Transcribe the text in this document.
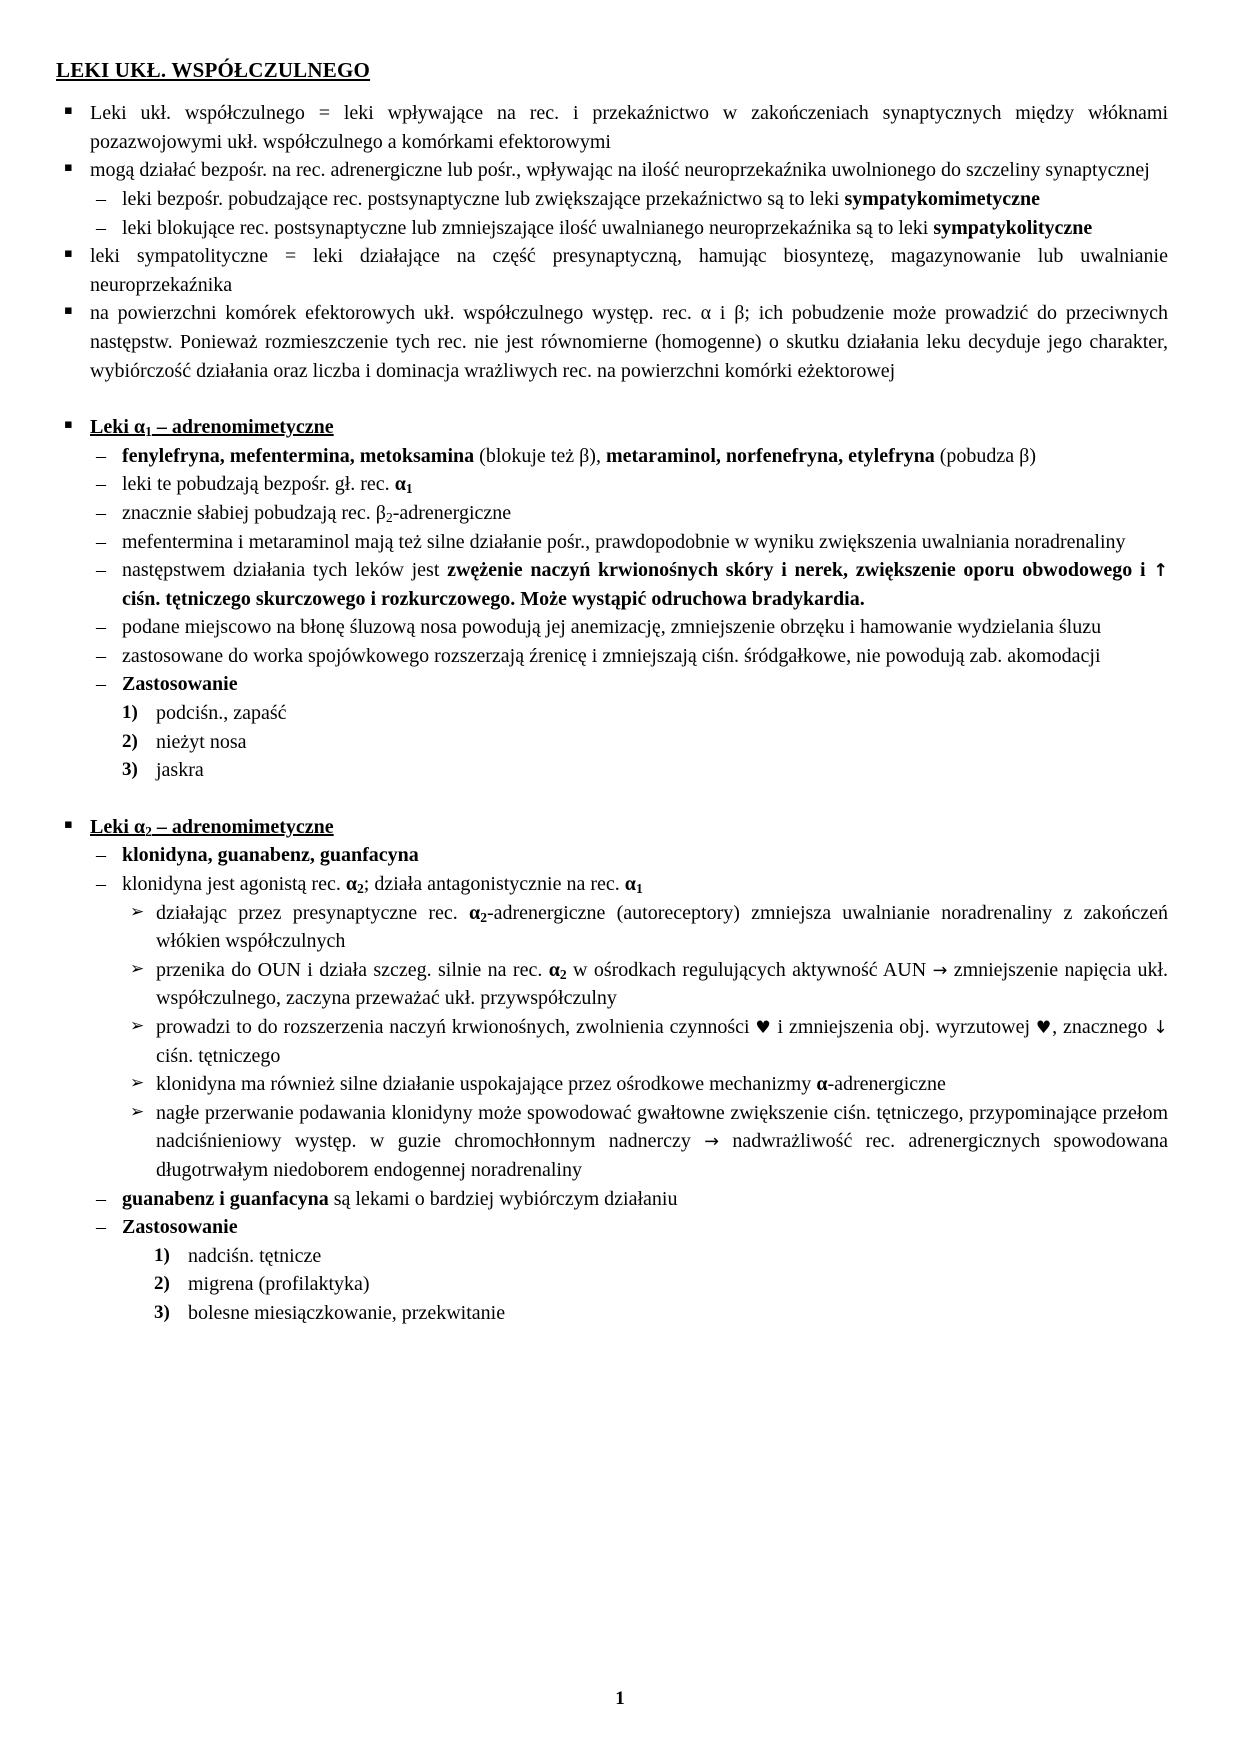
LEKI UKŁ. WSPÓŁCZULNEGO
▪ Leki ukł. współczulnego = leki wpływające na rec. i przekaźnictwo w zakończeniach synaptycznych między włóknami pozazwojowymi ukł. współczulnego a komórkami efektorowymi
▪ mogą działać bezpośr. na rec. adrenergiczne lub pośr., wpływając na ilość neuroprzekaźnika uwolnionego do szczeliny synaptycznej
– leki bezpośr. pobudzające rec. postsynaptyczne lub zwiększające przekaźnictwo są to leki sympatykomimetyczne
– leki blokujące rec. postsynaptyczne lub zmniejszające ilość uwalnianego neuroprzekaźnika są to leki sympatykolityczne
▪ leki sympatolityczne = leki działające na część presynaptyczną, hamując biosyntezę, magazynowanie lub uwalnianie neuroprzekaźnika
▪ na powierzchni komórek efektorowych ukł. współczulnego występ. rec. α i β; ich pobudzenie może prowadzić do przeciwnych następstw. Ponieważ rozmieszczenie tych rec. nie jest równomierne (homogenne) o skutku działania leku decyduje jego charakter, wybiórczość działania oraz liczba i dominacja wrażliwych rec. na powierzchni komórki eżektorowej
▪ Leki $\alpha_1$ – adrenomimetyczne
– fenylefryna, mefentermina, metoksamina (blokuje też β), metaraminol, norfenefryna, etylefryna (pobudza β)
– leki te pobudzają bezpośr. gł. rec. $\alpha_1$
– znacznie słabiej pobudzają rec. $\beta_2$-adrenergiczne
– mefentermina i metaraminol mają też silne działanie pośr., prawdopodobnie w wyniku zwiększenia uwalniania noradrenaliny
– następstwem działania tych leków jest zwężenie naczyń krwionośnych skóry i nerek, zwiększenie oporu obwodowego i ↑ ciśn. tętniczego skurczowego i rozkurczowego. Może wystąpić odruchowa bradykardia.
– podane miejscowo na błonę śluzową nosa powodują jej anemizację, zmniejszenie obrzęku i hamowanie wydzielania śluzu
– zastosowane do worka spojówkowego rozszerzają źrenicę i zmniejszają ciśn. śródgałkowe, nie powodują zab. akomodacji
– Zastosowanie
1) podciśn., zapaść
2) nieżyt nosa
3) jaskra
▪ Leki $\alpha_2$ – adrenomimetyczne
– klonidyna, guanabenz, guanfacyna
– klonidyna jest agonistą rec. $\alpha_2$; działa antagonistycznie na rec. $\alpha_1$
➢ działając przez presynaptyczne rec. $\alpha_2$-adrenergiczne (autoreceptory) zmniejsza uwalnianie noradrenaliny z zakończeń włókien współczulnych
➢ przenika do OUN i działa szczeg. silnie na rec. $\alpha_2$ w ośrodkach regulujących aktywność AUN → zmniejszenie napięcia ukł. współczulnego, zaczyna przeważać ukł. przywspółczulny
➢ prowadzi to do rozszerzenia naczyń krwionośnych, zwolnienia czynności ♥ i zmniejszenia obj. wyrzutowej ♥, znacznego ↓ ciśn. tętniczego
➢ klonidyna ma również silne działanie uspokajające przez ośrodkowe mechanizmy α-adrenergiczne
➢ nagłe przerwanie podawania klonidyny może spowodować gwałtowne zwiększenie ciśn. tętniczego, przypominające przełom nadciśnieniowy występ. w guzie chromochłonnym nadnerczy → nadwrażliwość rec. adrenergicznych spowodowana długotrwałym niedoborem endogennej noradrenaliny
– guanabenz i guanfacyna są lekami o bardziej wybiórczym działaniu
– Zastosowanie
1) nadciśn. tętnicze
2) migrena (profilaktyka)
3) bolesne miesiączkowanie, przekwitanie
1
